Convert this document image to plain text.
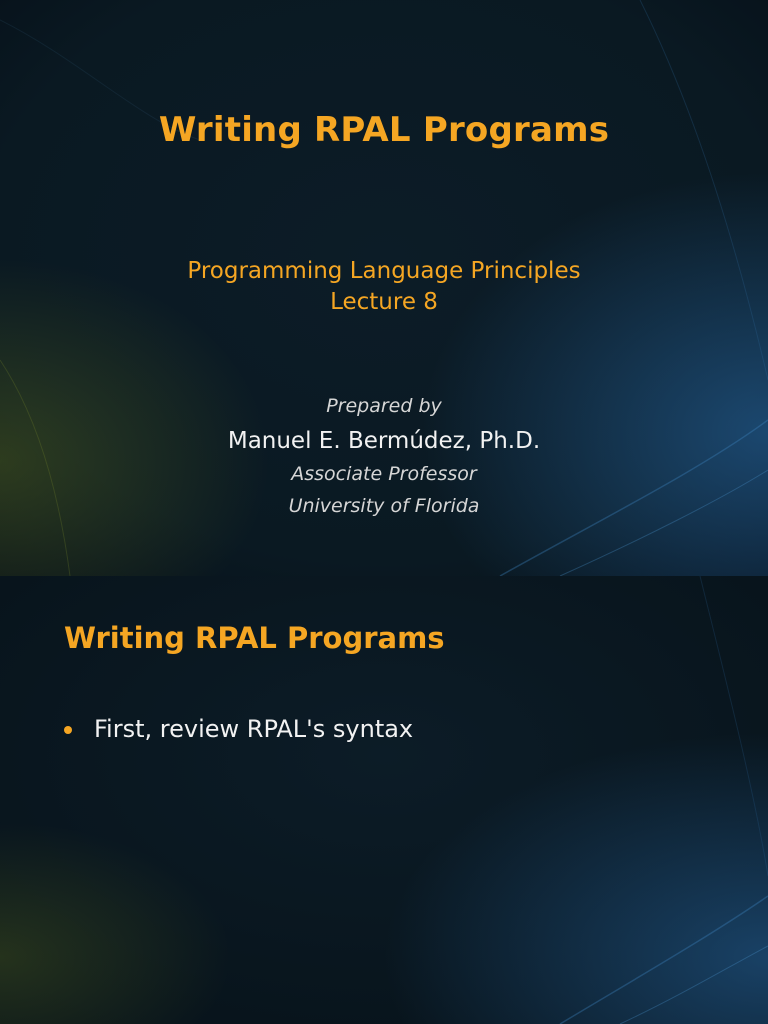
Writing RPAL Programs
Programming Language Principles
Lecture 8
Prepared by
Manuel E. Bermúdez, Ph.D.
Associate Professor
University of Florida
Writing RPAL Programs
First, review RPAL's syntax
